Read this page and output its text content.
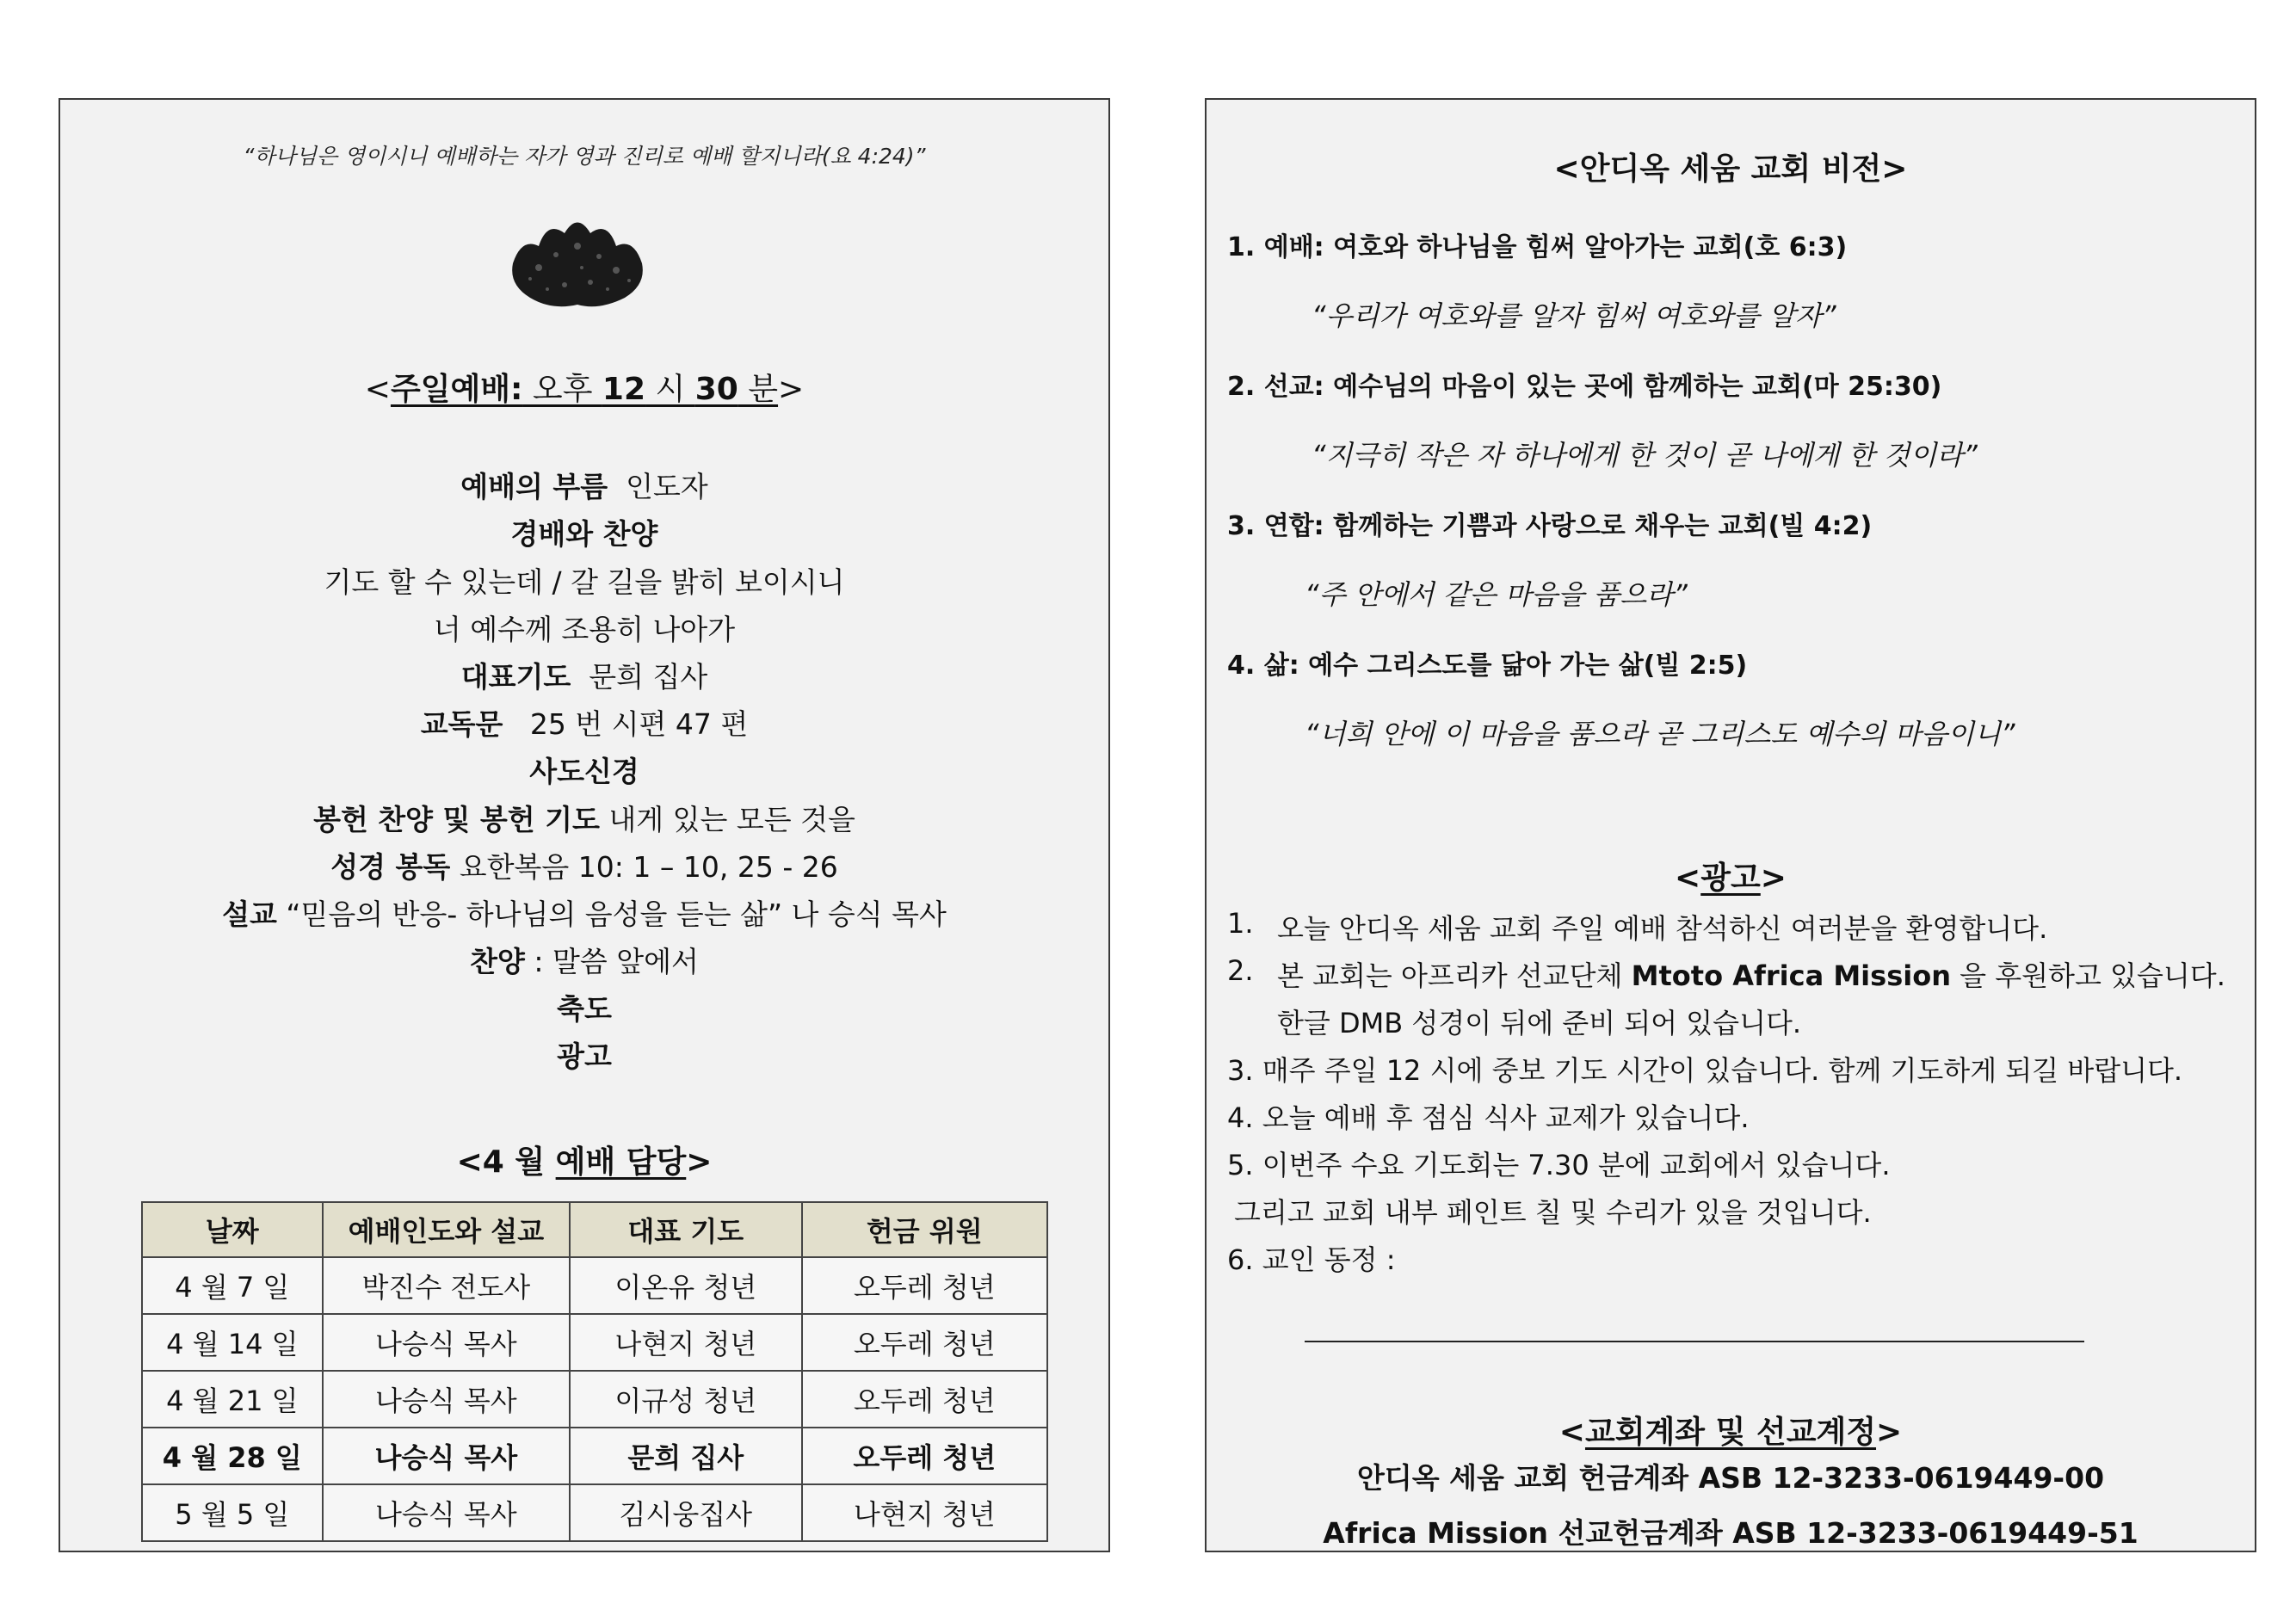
“하나님은 영이시니 예배하는 자가 영과 진리로 예배 할지니라(요 4:24)”
<주일예배: 오후 12 시 30 분>
예배의 부름 인도자
경배와 찬양
기도 할 수 있는데 / 갈 길을 밝히 보이시니
너 예수께 조용히 나아가
대표기도 문희 집사
교독문 25 번 시편 47 편
사도신경
봉헌 찬양 및 봉헌 기도 내게 있는 모든 것을
성경 봉독 요한복음 10: 1 – 10, 25 - 26
설교 “믿음의 반응- 하나님의 음성을 듣는 삶” 나 승식 목사
찬양 : 말씀 앞에서
축도
광고
<4 월 예배 담당>
날짜	예배인도와 설교	대표 기도	헌금 위원
4 월 7 일	박진수 전도사	이온유 청년	오두레 청년
4 월 14 일	나승식 목사	나현지 청년	오두레 청년
4 월 21 일	나승식 목사	이규성 청년	오두레 청년
4 월 28 일	나승식 목사	문희 집사	오두레 청년
5 월 5 일	나승식 목사	김시웅집사	나현지 청년
<안디옥 세움 교회 비전>
1. 예배: 여호와 하나님을 힘써 알아가는 교회(호 6:3)
“우리가 여호와를 알자 힘써 여호와를 알자”
2. 선교: 예수님의 마음이 있는 곳에 함께하는 교회(마 25:30)
“지극히 작은 자 하나에게 한 것이 곧 나에게 한 것이라”
3. 연합: 함께하는 기쁨과 사랑으로 채우는 교회(빌 4:2)
“주 안에서 같은 마음을 품으라”
4. 삶: 예수 그리스도를 닮아 가는 삶(빌 2:5)
“너희 안에 이 마음을 품으라 곧 그리스도 예수의 마음이니”
<광고>
1. 오늘 안디옥 세움 교회 주일 예배 참석하신 여러분을 환영합니다.
2. 본 교회는 아프리카 선교단체 Mtoto Africa Mission 을 후원하고 있습니다.
한글 DMB 성경이 뒤에 준비 되어 있습니다.
3. 매주 주일 12 시에 중보 기도 시간이 있습니다. 함께 기도하게 되길 바랍니다.
4. 오늘 예배 후 점심 식사 교제가 있습니다.
5. 이번주 수요 기도회는 7.30 분에 교회에서 있습니다.
그리고 교회 내부 페인트 칠 및 수리가 있을 것입니다.
6. 교인 동정 :
<교회계좌 및 선교계정>
안디옥 세움 교회 헌금계좌 ASB 12-3233-0619449-00
Africa Mission 선교헌금계좌 ASB 12-3233-0619449-51
